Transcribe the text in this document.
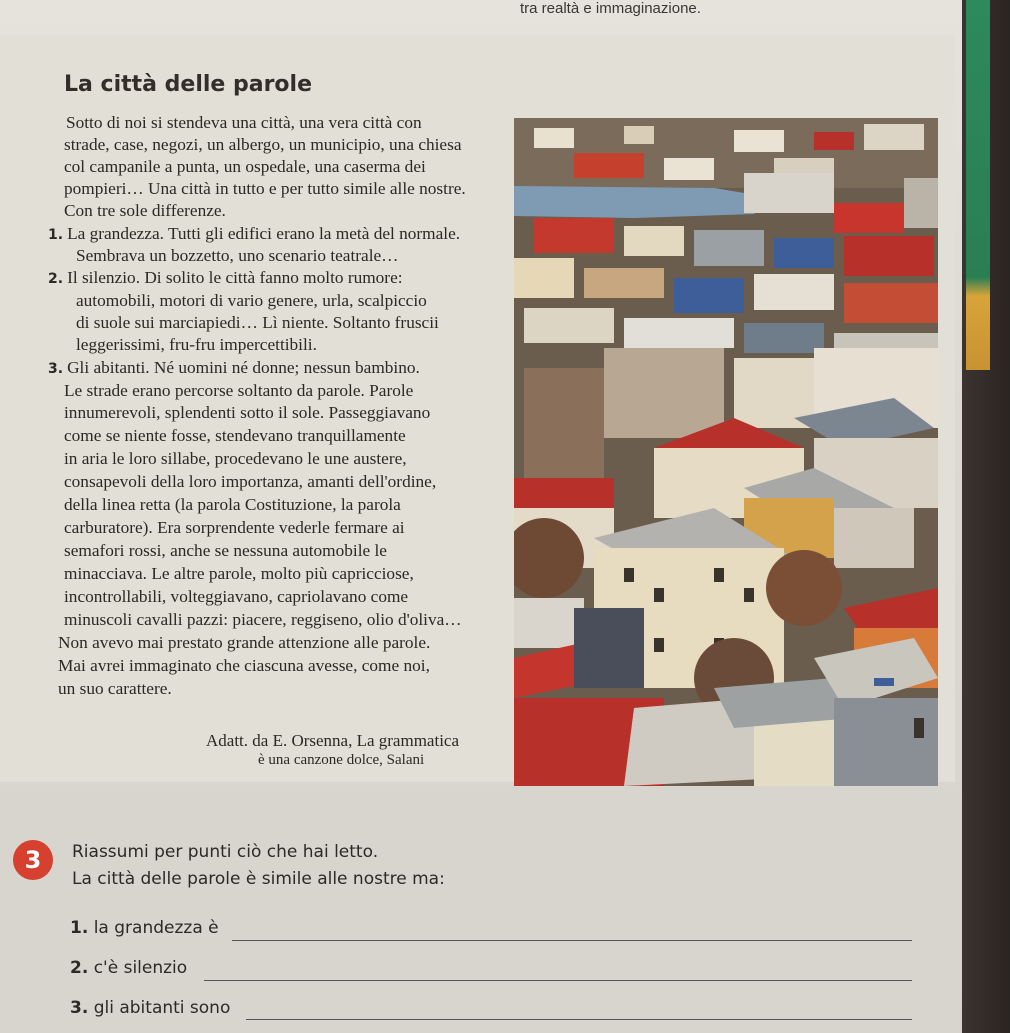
tra realtà e immaginazione.
La città delle parole
Sotto di noi si stendeva una città, una vera città con
strade, case, negozi, un albergo, un municipio, una chiesa
col campanile a punta, un ospedale, una caserma dei
pompieri… Una città in tutto e per tutto simile alle nostre.
Con tre sole differenze.
1. La grandezza. Tutti gli edifici erano la metà del normale.
Sembrava un bozzetto, uno scenario teatrale…
2. Il silenzio. Di solito le città fanno molto rumore:
automobili, motori di vario genere, urla, scalpiccio
di suole sui marciapiedi… Lì niente. Soltanto fruscii
leggerissimi, fru-fru impercettibili.
3. Gli abitanti. Né uomini né donne; nessun bambino.
Le strade erano percorse soltanto da parole. Parole
innumerevoli, splendenti sotto il sole. Passeggiavano
come se niente fosse, stendevano tranquillamente
in aria le loro sillabe, procedevano le une austere,
consapevoli della loro importanza, amanti dell'ordine,
della linea retta (la parola Costituzione, la parola
carburatore). Era sorprendente vederle fermare ai
semafori rossi, anche se nessuna automobile le
minacciava. Le altre parole, molto più capricciose,
incontrollabili, volteggiavano, capriolavano come
minuscoli cavalli pazzi: piacere, reggiseno, olio d'oliva…
Non avevo mai prestato grande attenzione alle parole.
Mai avrei immaginato che ciascuna avesse, come noi,
un suo carattere.
Adatt. da E. Orsenna, La grammatica
è una canzone dolce, Salani
3	Riassumi per punti ciò che hai letto.
La città delle parole è simile alle nostre ma:
1. la grandezza è
2. c'è silenzio
3. gli abitanti sono
